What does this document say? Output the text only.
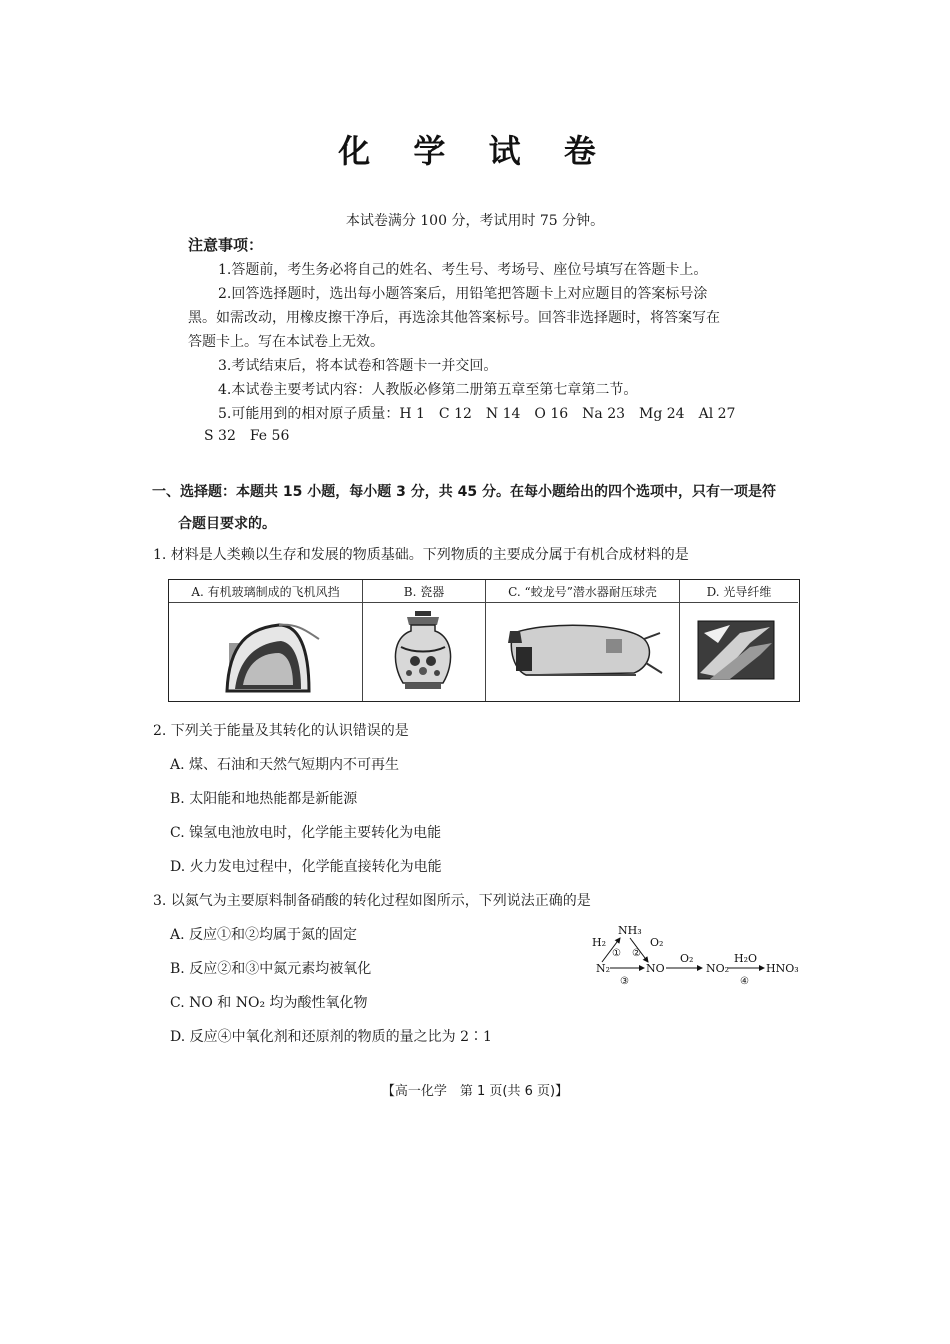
化 学 试 卷
本试卷满分 100 分，考试用时 75 分钟。
注意事项：
1.答题前，考生务必将自己的姓名、考生号、考场号、座位号填写在答题卡上。
2.回答选择题时，选出每小题答案后，用铅笔把答题卡上对应题目的答案标号涂
黑。如需改动，用橡皮擦干净后，再选涂其他答案标号。回答非选择题时，将答案写在
答题卡上。写在本试卷上无效。
3.考试结束后，将本试卷和答题卡一并交回。
4.本试卷主要考试内容：人教版必修第二册第五章至第七章第二节。
5.可能用到的相对原子质量：H 1　C 12　N 14　O 16　Na 23　Mg 24　Al 27
S 32　Fe 56
一、选择题：本题共 15 小题，每小题 3 分，共 45 分。在每小题给出的四个选项中，只有一项是符
合题目要求的。
1. 材料是人类赖以生存和发展的物质基础。下列物质的主要成分属于有机合成材料的是
A. 有机玻璃制成的飞机风挡	B. 瓷器	C. “蛟龙号”潜水器耐压球壳	D. 光导纤维
2. 下列关于能量及其转化的认识错误的是
A. 煤、石油和天然气短期内不可再生
B. 太阳能和地热能都是新能源
C. 镍氢电池放电时，化学能主要转化为电能
D. 火力发电过程中，化学能直接转化为电能
3. 以氮气为主要原料制备硝酸的转化过程如图所示，下列说法正确的是
A. 反应①和②均属于氮的固定
B. 反应②和③中氮元素均被氧化
C. NO 和 NO₂ 均为酸性氧化物
D. 反应④中氧化剂和还原剂的物质的量之比为 2∶1
H₂
NH₃
O₂
N₂	NO
O₂
NO₂
H₂O
HNO₃
① ②
③	④
【高一化学　第 1 页(共 6 页)】
